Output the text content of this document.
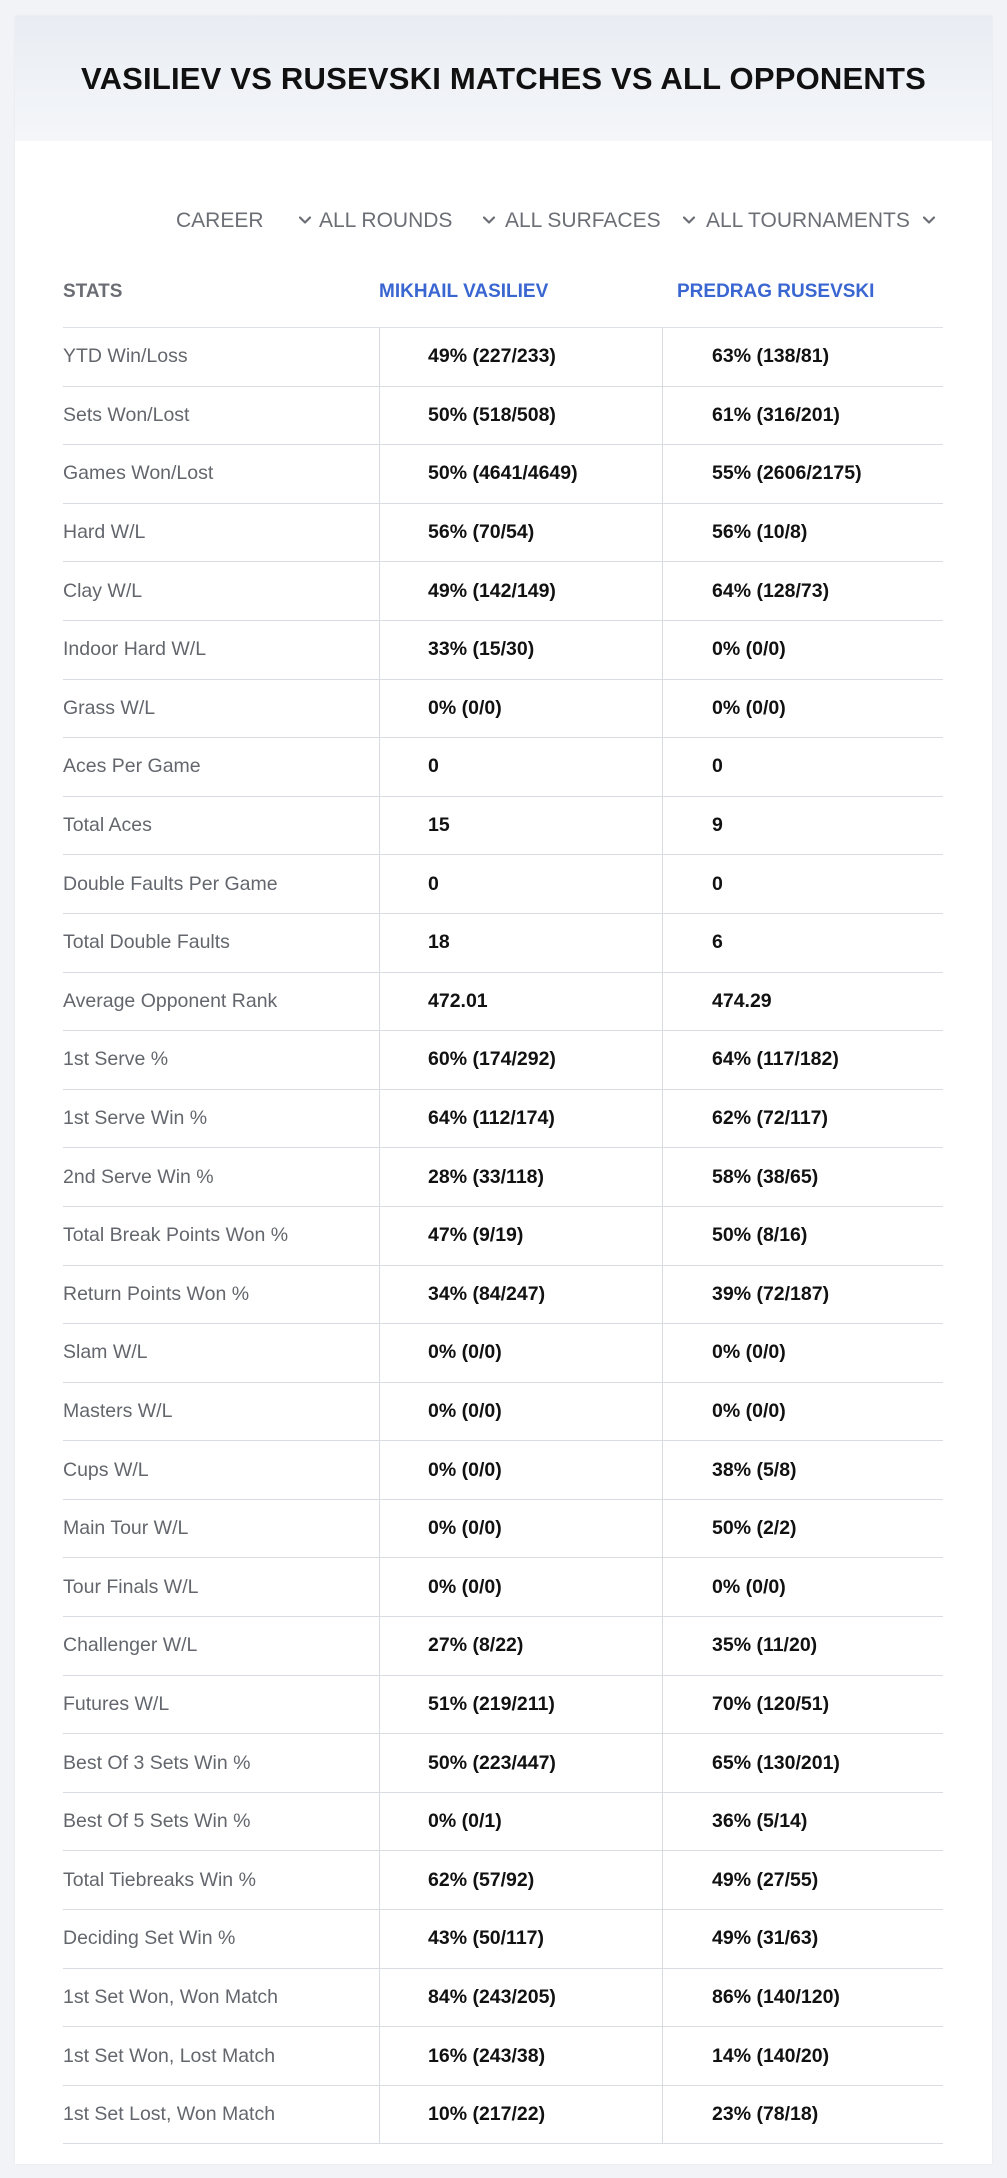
VASILIEV VS RUSEVSKI MATCHES VS ALL OPPONENTS
CAREER	ALL ROUNDS	ALL SURFACES ALL TOURNAMENTS
STATS	MIKHAIL VASILIEV	PREDRAG RUSEVSKI
YTD Win/Loss	49% (227/233)	63% (138/81)
Sets Won/Lost	50% (518/508)	61% (316/201)
Games Won/Lost	50% (4641/4649)	55% (2606/2175)
Hard W/L	56% (70/54)	56% (10/8)
Clay W/L	49% (142/149)	64% (128/73)
Indoor Hard W/L	33% (15/30)	0% (0/0)
Grass W/L	0% (0/0)	0% (0/0)
Aces Per Game	0	0
Total Aces	15	9
Double Faults Per Game	0	0
Total Double Faults	18	6
Average Opponent Rank	472.01	474.29
1st Serve %	60% (174/292)	64% (117/182)
1st Serve Win %	64% (112/174)	62% (72/117)
2nd Serve Win %	28% (33/118)	58% (38/65)
Total Break Points Won %	47% (9/19)	50% (8/16)
Return Points Won %	34% (84/247)	39% (72/187)
Slam W/L	0% (0/0)	0% (0/0)
Masters W/L	0% (0/0)	0% (0/0)
Cups W/L	0% (0/0)	38% (5/8)
Main Tour W/L	0% (0/0)	50% (2/2)
Tour Finals W/L	0% (0/0)	0% (0/0)
Challenger W/L	27% (8/22)	35% (11/20)
Futures W/L	51% (219/211)	70% (120/51)
Best Of 3 Sets Win %	50% (223/447)	65% (130/201)
Best Of 5 Sets Win %	0% (0/1)	36% (5/14)
Total Tiebreaks Win %	62% (57/92)	49% (27/55)
Deciding Set Win %	43% (50/117)	49% (31/63)
1st Set Won, Won Match	84% (243/205)	86% (140/120)
1st Set Won, Lost Match	16% (243/38)	14% (140/20)
1st Set Lost, Won Match	10% (217/22)	23% (78/18)
